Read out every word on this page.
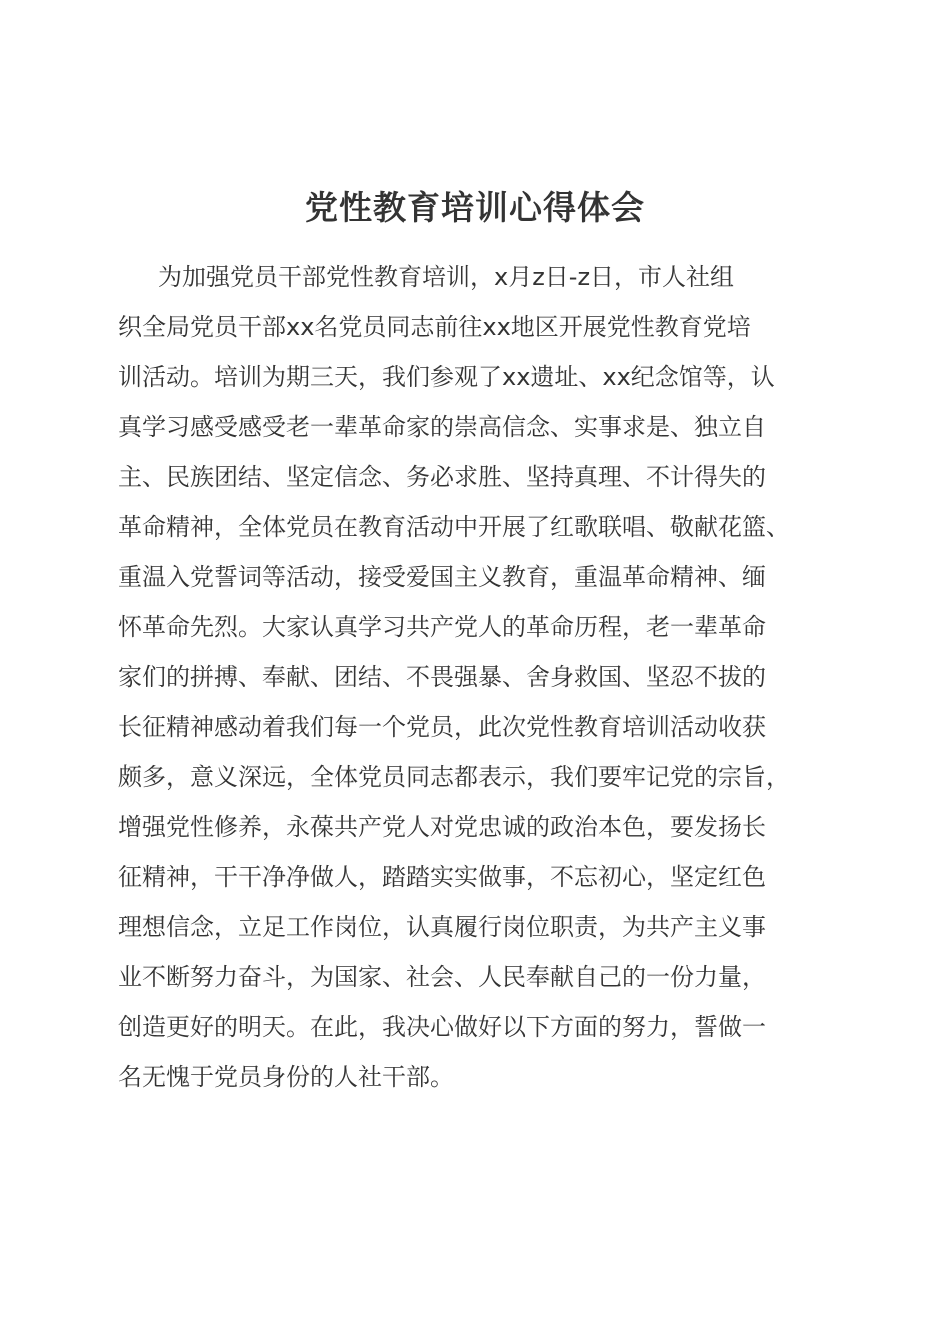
党性教育培训心得体会
为加强党员干部党性教育培训，x月z日-z日，市人社组
织全局党员干部xx名党员同志前往xx地区开展党性教育党培
训活动。培训为期三天，我们参观了xx遗址、xx纪念馆等，认
真学习感受感受老一辈革命家的崇高信念、实事求是、独立自
主、民族团结、坚定信念、务必求胜、坚持真理、不计得失的
革命精神，全体党员在教育活动中开展了红歌联唱、敬献花篮、
重温入党誓词等活动，接受爱国主义教育，重温革命精神、缅
怀革命先烈。大家认真学习共产党人的革命历程，老一辈革命
家们的拼搏、奉献、团结、不畏强暴、舍身救国、坚忍不拔的
长征精神感动着我们每一个党员，此次党性教育培训活动收获
颇多，意义深远，全体党员同志都表示，我们要牢记党的宗旨，
增强党性修养，永葆共产党人对党忠诚的政治本色，要发扬长
征精神，干干净净做人，踏踏实实做事，不忘初心，坚定红色
理想信念，立足工作岗位，认真履行岗位职责，为共产主义事
业不断努力奋斗，为国家、社会、人民奉献自己的一份力量，
创造更好的明天。在此，我决心做好以下方面的努力，誓做一
名无愧于党员身份的人社干部。
